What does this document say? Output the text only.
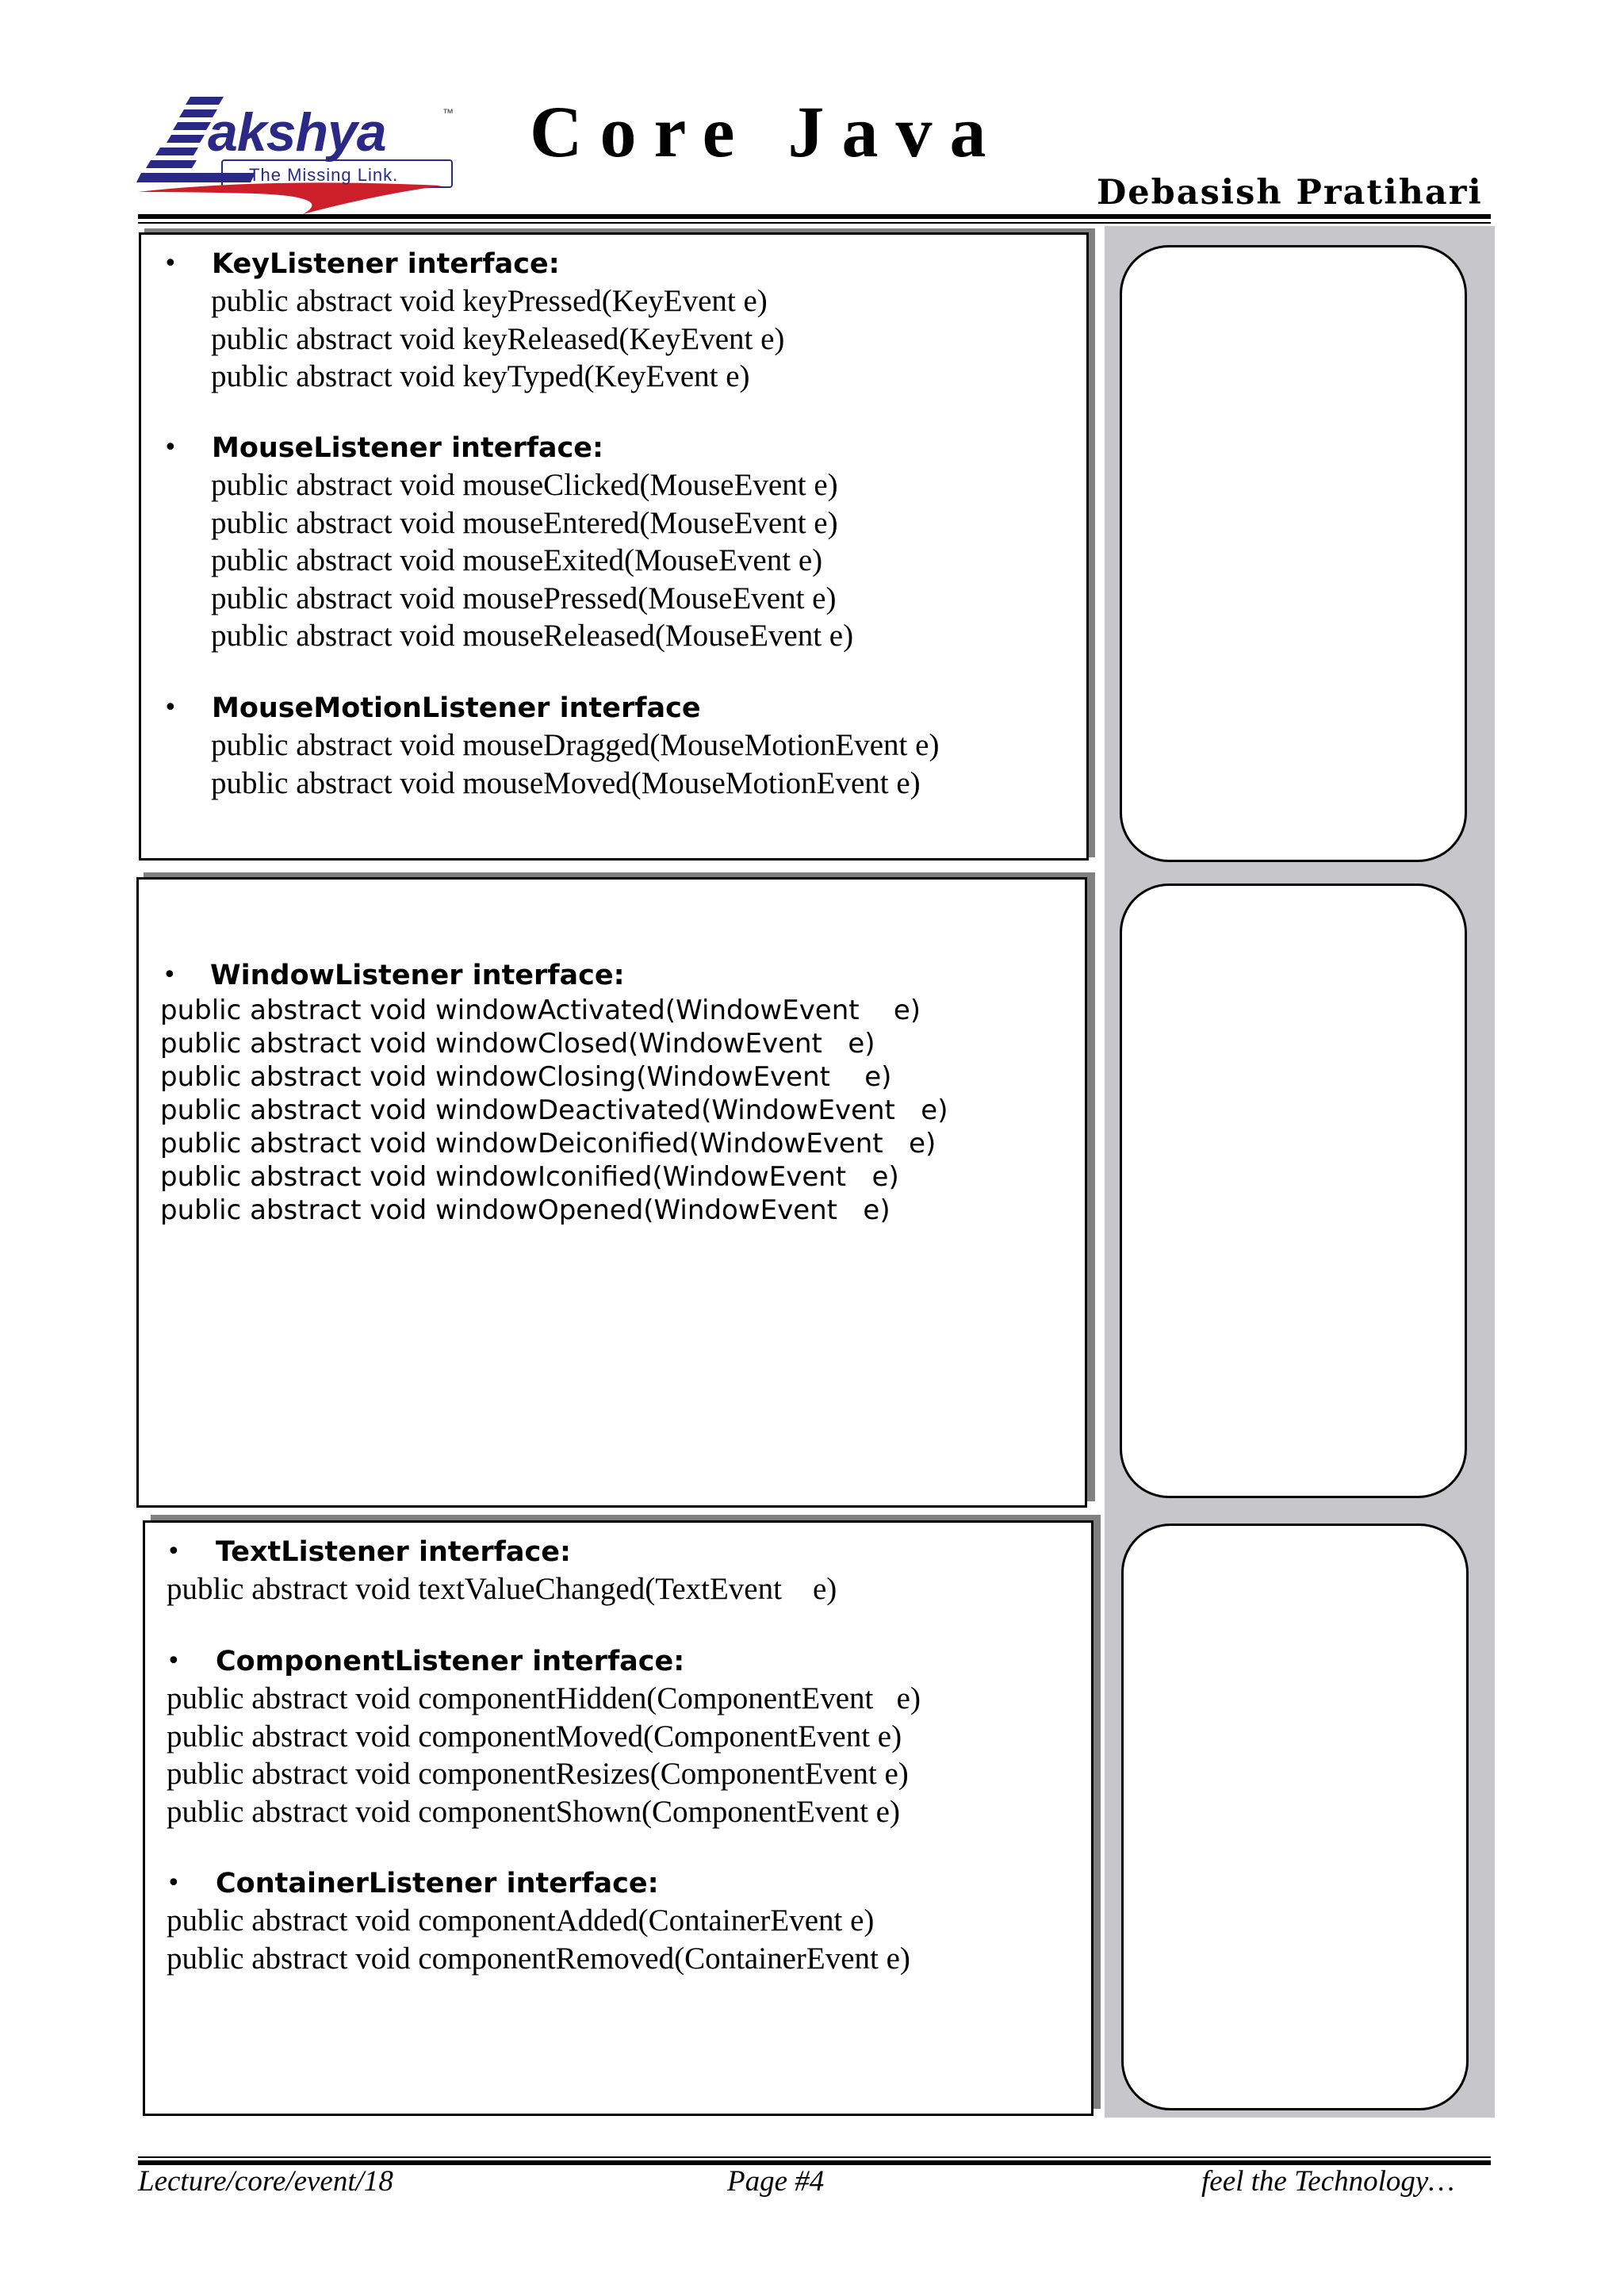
akshya	™
... The Missing Link.
Core Java
Debasish Pratihari
• KeyListener interface:
public abstract void keyPressed(KeyEvent e)
public abstract void keyReleased(KeyEvent e)
public abstract void keyTyped(KeyEvent e)
• MouseListener interface:
public abstract void mouseClicked(MouseEvent e)
public abstract void mouseEntered(MouseEvent e)
public abstract void mouseExited(MouseEvent e)
public abstract void mousePressed(MouseEvent e)
public abstract void mouseReleased(MouseEvent e)
• MouseMotionListener interface
public abstract void mouseDragged(MouseMotionEvent e)
public abstract void mouseMoved(MouseMotionEvent e)
• WindowListener interface:
public abstract void windowActivated(WindowEvent    e)
public abstract void windowClosed(WindowEvent   e)
public abstract void windowClosing(WindowEvent    e)
public abstract void windowDeactivated(WindowEvent   e)
public abstract void windowDeiconified(WindowEvent   e)
public abstract void windowIconified(WindowEvent   e)
public abstract void windowOpened(WindowEvent   e)
• TextListener interface:
public abstract void textValueChanged(TextEvent    e)
• ComponentListener interface:
public abstract void componentHidden(ComponentEvent   e)
public abstract void componentMoved(ComponentEvent e)
public abstract void componentResizes(ComponentEvent e)
public abstract void componentShown(ComponentEvent e)
• ContainerListener interface:
public abstract void componentAdded(ContainerEvent e)
public abstract void componentRemoved(ContainerEvent e)
Lecture/core/event/18	Page #4	feel the Technology…
